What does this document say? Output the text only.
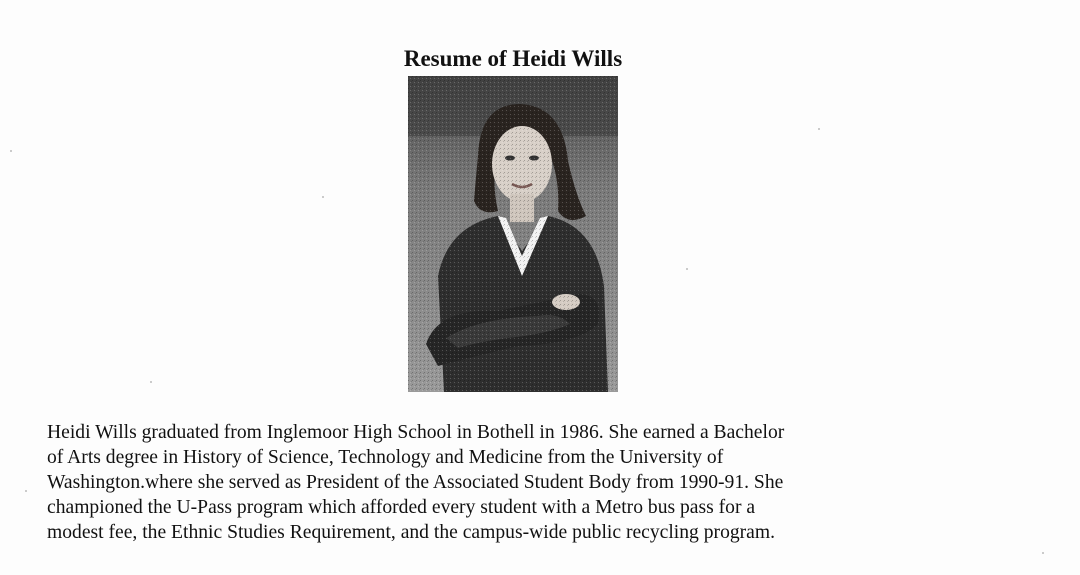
Resume of Heidi Wills
Heidi Wills graduated from Inglemoor High School in Bothell in 1986. She earned a Bachelor
of Arts degree in History of Science, Technology and Medicine from the University of
Washington.where she served as President of the Associated Student Body from 1990-91. She
championed the U-Pass program which afforded every student with a Metro bus pass for a
modest fee, the Ethnic Studies Requirement, and the campus-wide public recycling program.
